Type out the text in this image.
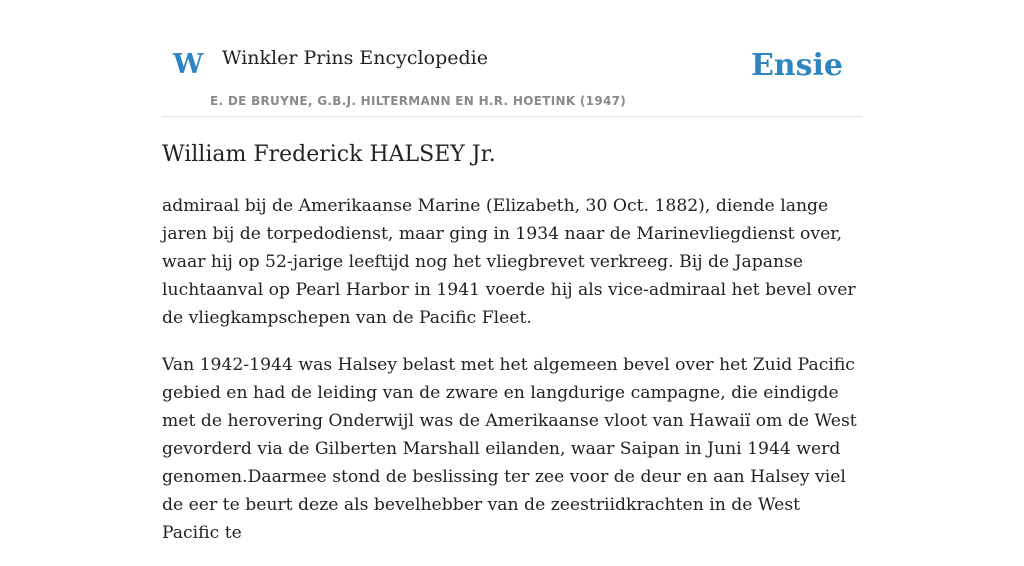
W Winkler Prins Encyclopedie
E. DE BRUYNE, G.B.J. HILTERMANN EN H.R. HOETINK (1947)
Ensie
William Frederick HALSEY Jr.

admiraal bij de Amerikaanse Marine (Elizabeth, 30 Oct. 1882), diende lange jaren bij de torpedodienst, maar ging in 1934 naar de Marinevliegdienst over, waar hij op 52-jarige leeftijd nog het vliegbrevet verkreeg. Bij de Japanse luchtaanval op Pearl Harbor in 1941 voerde hij als vice-admiraal het bevel over de vliegkampschepen van de Pacific Fleet.

Van 1942-1944 was Halsey belast met het algemeen bevel over het Zuid Pacific gebied en had de leiding van de zware en langdurige campagne, die eindigde met de herovering Onderwijl was de Amerikaanse vloot van Hawaiï om de West gevorderd via de Gilberten Marshall eilanden, waar Saipan in Juni 1944 werd genomen.Daarmee stond de beslissing ter zee voor de deur en aan Halsey viel de eer te beurt deze als bevelhebber van de zeestriidkrachten in de West Pacific te
